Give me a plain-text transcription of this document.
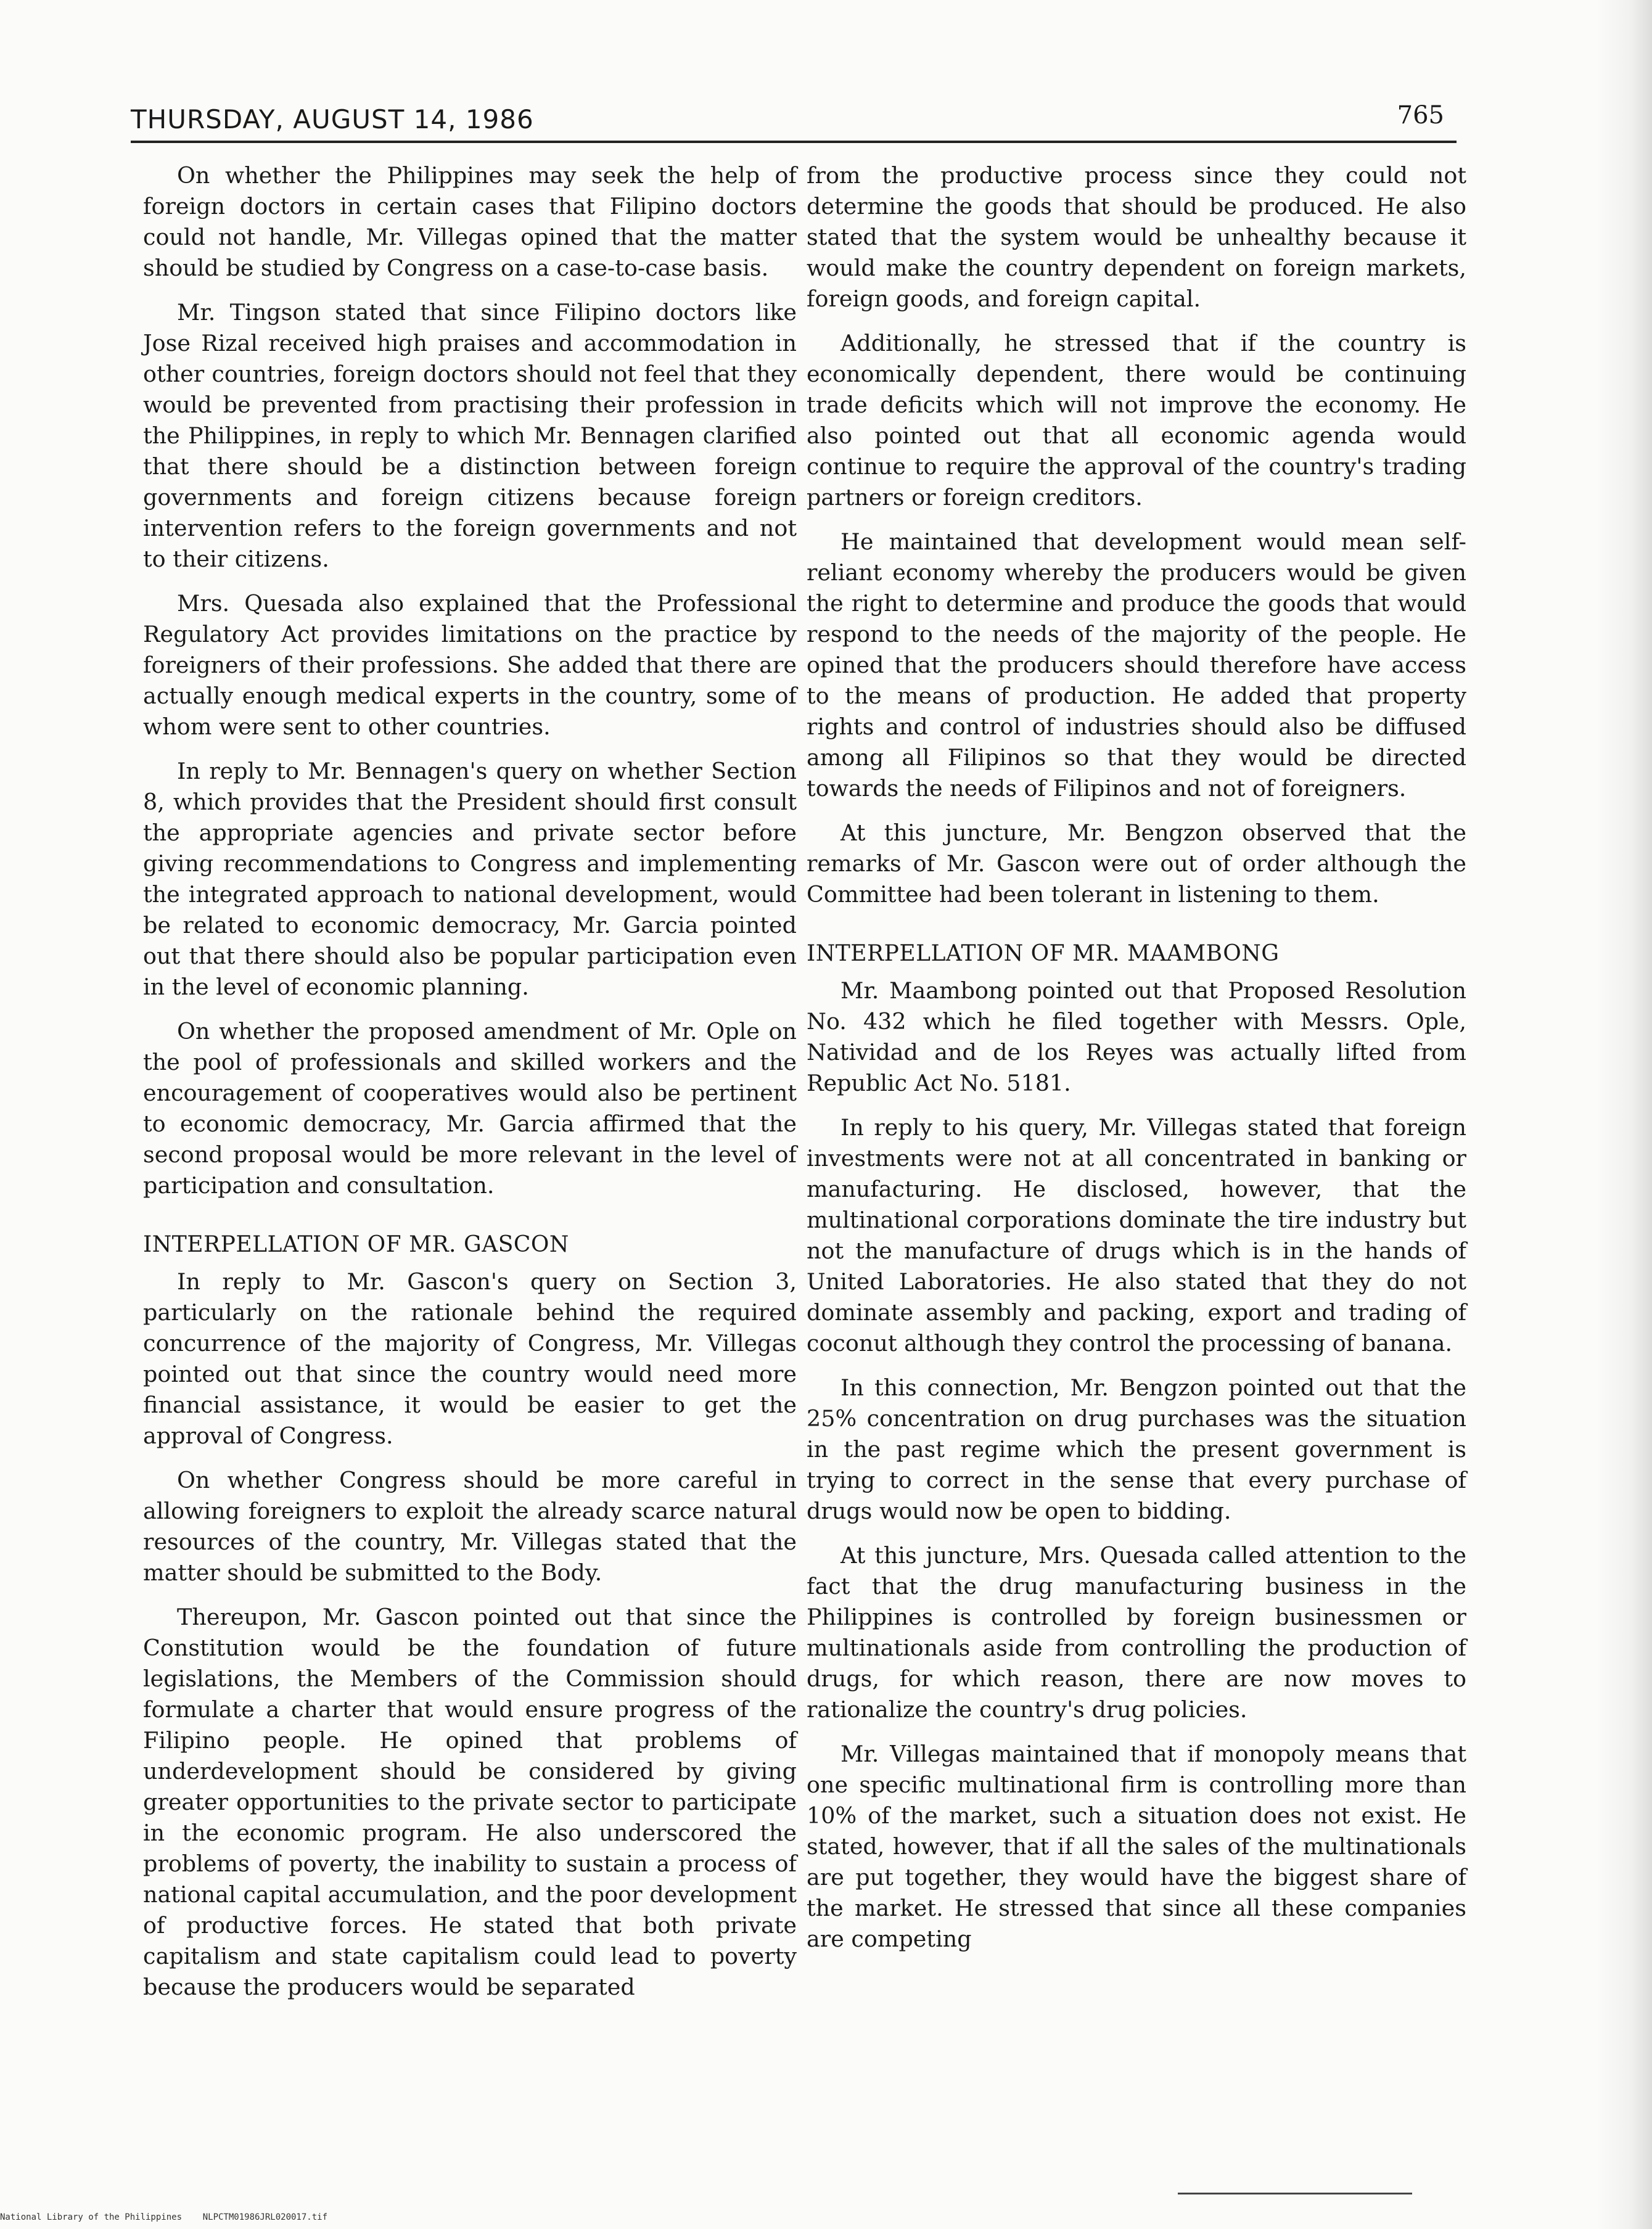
THURSDAY, AUGUST 14, 1986	765

On whether the Philippines may seek the help of foreign doctors in certain cases that Filipino doctors could not handle, Mr. Villegas opined that the matter should be studied by Congress on a case-to-case basis.

Mr. Tingson stated that since Filipino doctors like Jose Rizal received high praises and accommodation in other countries, foreign doctors should not feel that they would be prevented from practising their profession in the Philippines, in reply to which Mr. Bennagen clarified that there should be a distinction between foreign governments and foreign citizens because foreign intervention refers to the foreign governments and not to their citizens.

Mrs. Quesada also explained that the Professional Regulatory Act provides limitations on the practice by foreigners of their professions. She added that there are actually enough medical experts in the country, some of whom were sent to other countries.

In reply to Mr. Bennagen's query on whether Section 8, which provides that the President should first consult the appropriate agencies and private sector before giving recommendations to Congress and implementing the integrated approach to national development, would be related to economic democracy, Mr. Garcia pointed out that there should also be popular participation even in the level of economic planning.

On whether the proposed amendment of Mr. Ople on the pool of professionals and skilled workers and the encouragement of cooperatives would also be pertinent to economic democracy, Mr. Garcia affirmed that the second proposal would be more relevant in the level of participation and consultation.

INTERPELLATION OF MR. GASCON

In reply to Mr. Gascon's query on Section 3, particularly on the rationale behind the required concurrence of the majority of Congress, Mr. Villegas pointed out that since the country would need more financial assistance, it would be easier to get the approval of Congress.

On whether Congress should be more careful in allowing foreigners to exploit the already scarce natural resources of the country, Mr. Villegas stated that the matter should be submitted to the Body.

Thereupon, Mr. Gascon pointed out that since the Constitution would be the foundation of future legislations, the Members of the Commission should formulate a charter that would ensure progress of the Filipino people. He opined that problems of underdevelopment should be considered by giving greater opportunities to the private sector to participate in the economic program. He also underscored the problems of poverty, the inability to sustain a process of national capital accumulation, and the poor development of productive forces. He stated that both private capitalism and state capitalism could lead to poverty because the producers would be separated

from the productive process since they could not determine the goods that should be produced. He also stated that the system would be unhealthy because it would make the country dependent on foreign markets, foreign goods, and foreign capital.

Additionally, he stressed that if the country is economically dependent, there would be continuing trade deficits which will not improve the economy. He also pointed out that all economic agenda would continue to require the approval of the country's trading partners or foreign creditors.

He maintained that development would mean self-reliant economy whereby the producers would be given the right to determine and produce the goods that would respond to the needs of the majority of the people. He opined that the producers should therefore have access to the means of production. He added that property rights and control of industries should also be diffused among all Filipinos so that they would be directed towards the needs of Filipinos and not of foreigners.

At this juncture, Mr. Bengzon observed that the remarks of Mr. Gascon were out of order although the Committee had been tolerant in listening to them.

INTERPELLATION OF MR. MAAMBONG

Mr. Maambong pointed out that Proposed Resolution No. 432 which he filed together with Messrs. Ople, Natividad and de los Reyes was actually lifted from Republic Act No. 5181.

In reply to his query, Mr. Villegas stated that foreign investments were not at all concentrated in banking or manufacturing. He disclosed, however, that the multinational corporations dominate the tire industry but not the manufacture of drugs which is in the hands of United Laboratories. He also stated that they do not dominate assembly and packing, export and trading of coconut although they control the processing of banana.

In this connection, Mr. Bengzon pointed out that the 25% concentration on drug purchases was the situation in the past regime which the present government is trying to correct in the sense that every purchase of drugs would now be open to bidding.

At this juncture, Mrs. Quesada called attention to the fact that the drug manufacturing business in the Philippines is controlled by foreign businessmen or multinationals aside from controlling the production of drugs, for which reason, there are now moves to rationalize the country's drug policies.

Mr. Villegas maintained that if monopoly means that one specific multinational firm is controlling more than 10% of the market, such a situation does not exist. He stated, however, that if all the sales of the multinationals are put together, they would have the biggest share of the market. He stressed that since all these companies are competing

National Library of the Philippines    NLPCTM01986JRL020017.tif
